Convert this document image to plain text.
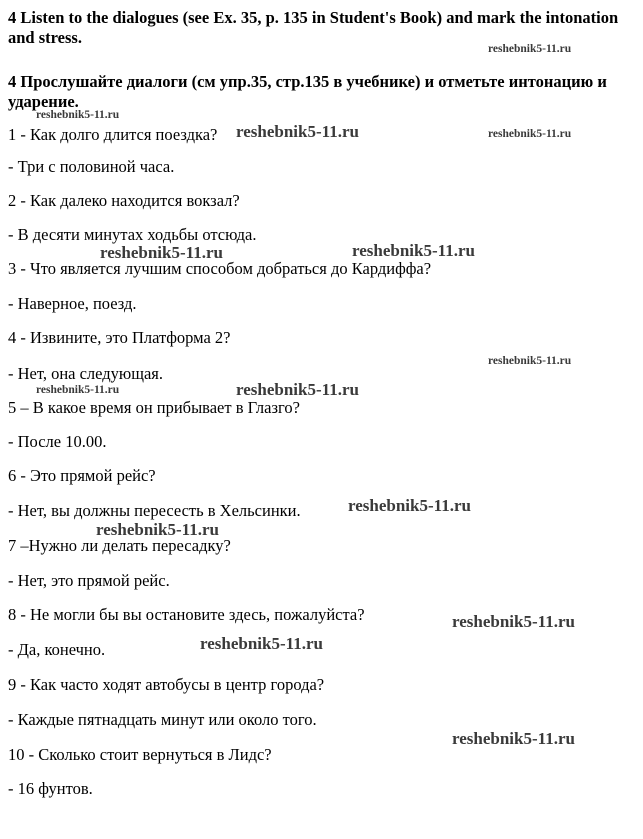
4 Listen to the dialogues (see Ex. 35, p. 135 in Student's Book) and mark the intonation and stress.

4 Прослушайте диалоги (см упр.35, стр.135 в учебнике) и отметьте интонацию и ударение.

1 - Как долго длится поездка?
- Три с половиной часа.
2 - Как далеко находится вокзал?
- В десяти минутах ходьбы отсюда.
3 - Что является лучшим способом добраться до Кардиффа?
- Наверное, поезд.
4 - Извините, это Платформа 2?
- Нет, она следующая.
5 – В какое время он прибывает в Глазго?
- После 10.00.
6 - Это прямой рейс?
- Нет, вы должны пересесть в Хельсинки.
7 –Нужно ли делать пересадку?
- Нет, это прямой рейс.
8 - Не могли бы вы остановите здесь, пожалуйста?
- Да, конечно.
9 - Как часто ходят автобусы в центр города?
- Каждые пятнадцать минут или около того.
10 - Сколько стоит вернуться в Лидс?
- 16 фунтов.
reshebnik5-11.ru
reshebnik5-11.ru
reshebnik5-11.ru	reshebnik5-11.ru
reshebnik5-11.ru	reshebnik5-11.ru
reshebnik5-11.ru
reshebnik5-11.ru	reshebnik5-11.ru
reshebnik5-11.ru
reshebnik5-11.ru
reshebnik5-11.ru
reshebnik5-11.ru
reshebnik5-11.ru
